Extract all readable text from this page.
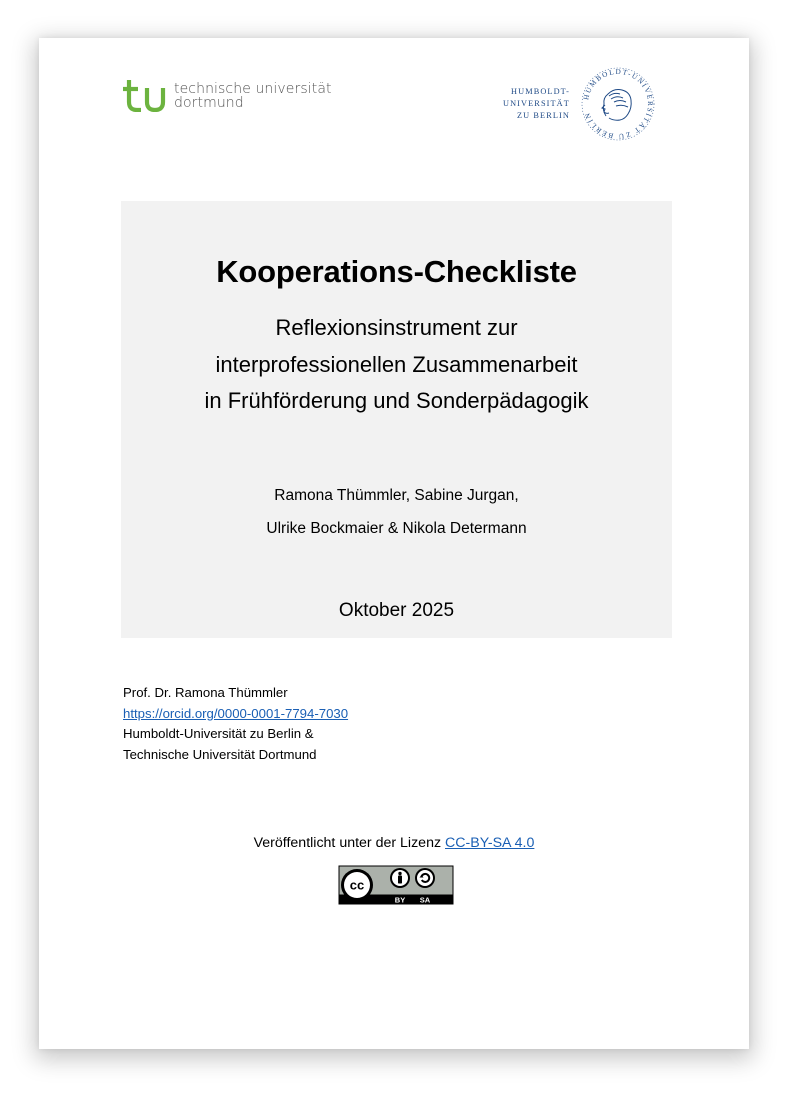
technische universität
dortmund
HUMBOLDT-
UNIVERSITÄT
ZU BERLIN
HUMBOLDT-UNIVERSITÄT ZU BERLIN
Kooperations-Checkliste
Reflexionsinstrument zur
interprofessionellen Zusammenarbeit
in Frühförderung und Sonderpädagogik
Ramona Thümmler, Sabine Jurgan,
Ulrike Bockmaier & Nikola Determann
Oktober 2025
Prof. Dr. Ramona Thümmler
https://orcid.org/0000-0001-7794-7030
Humboldt-Universität zu Berlin &
Technische Universität Dortmund
Veröffentlicht unter der Lizenz CC-BY-SA 4.0
cc
BY SA
